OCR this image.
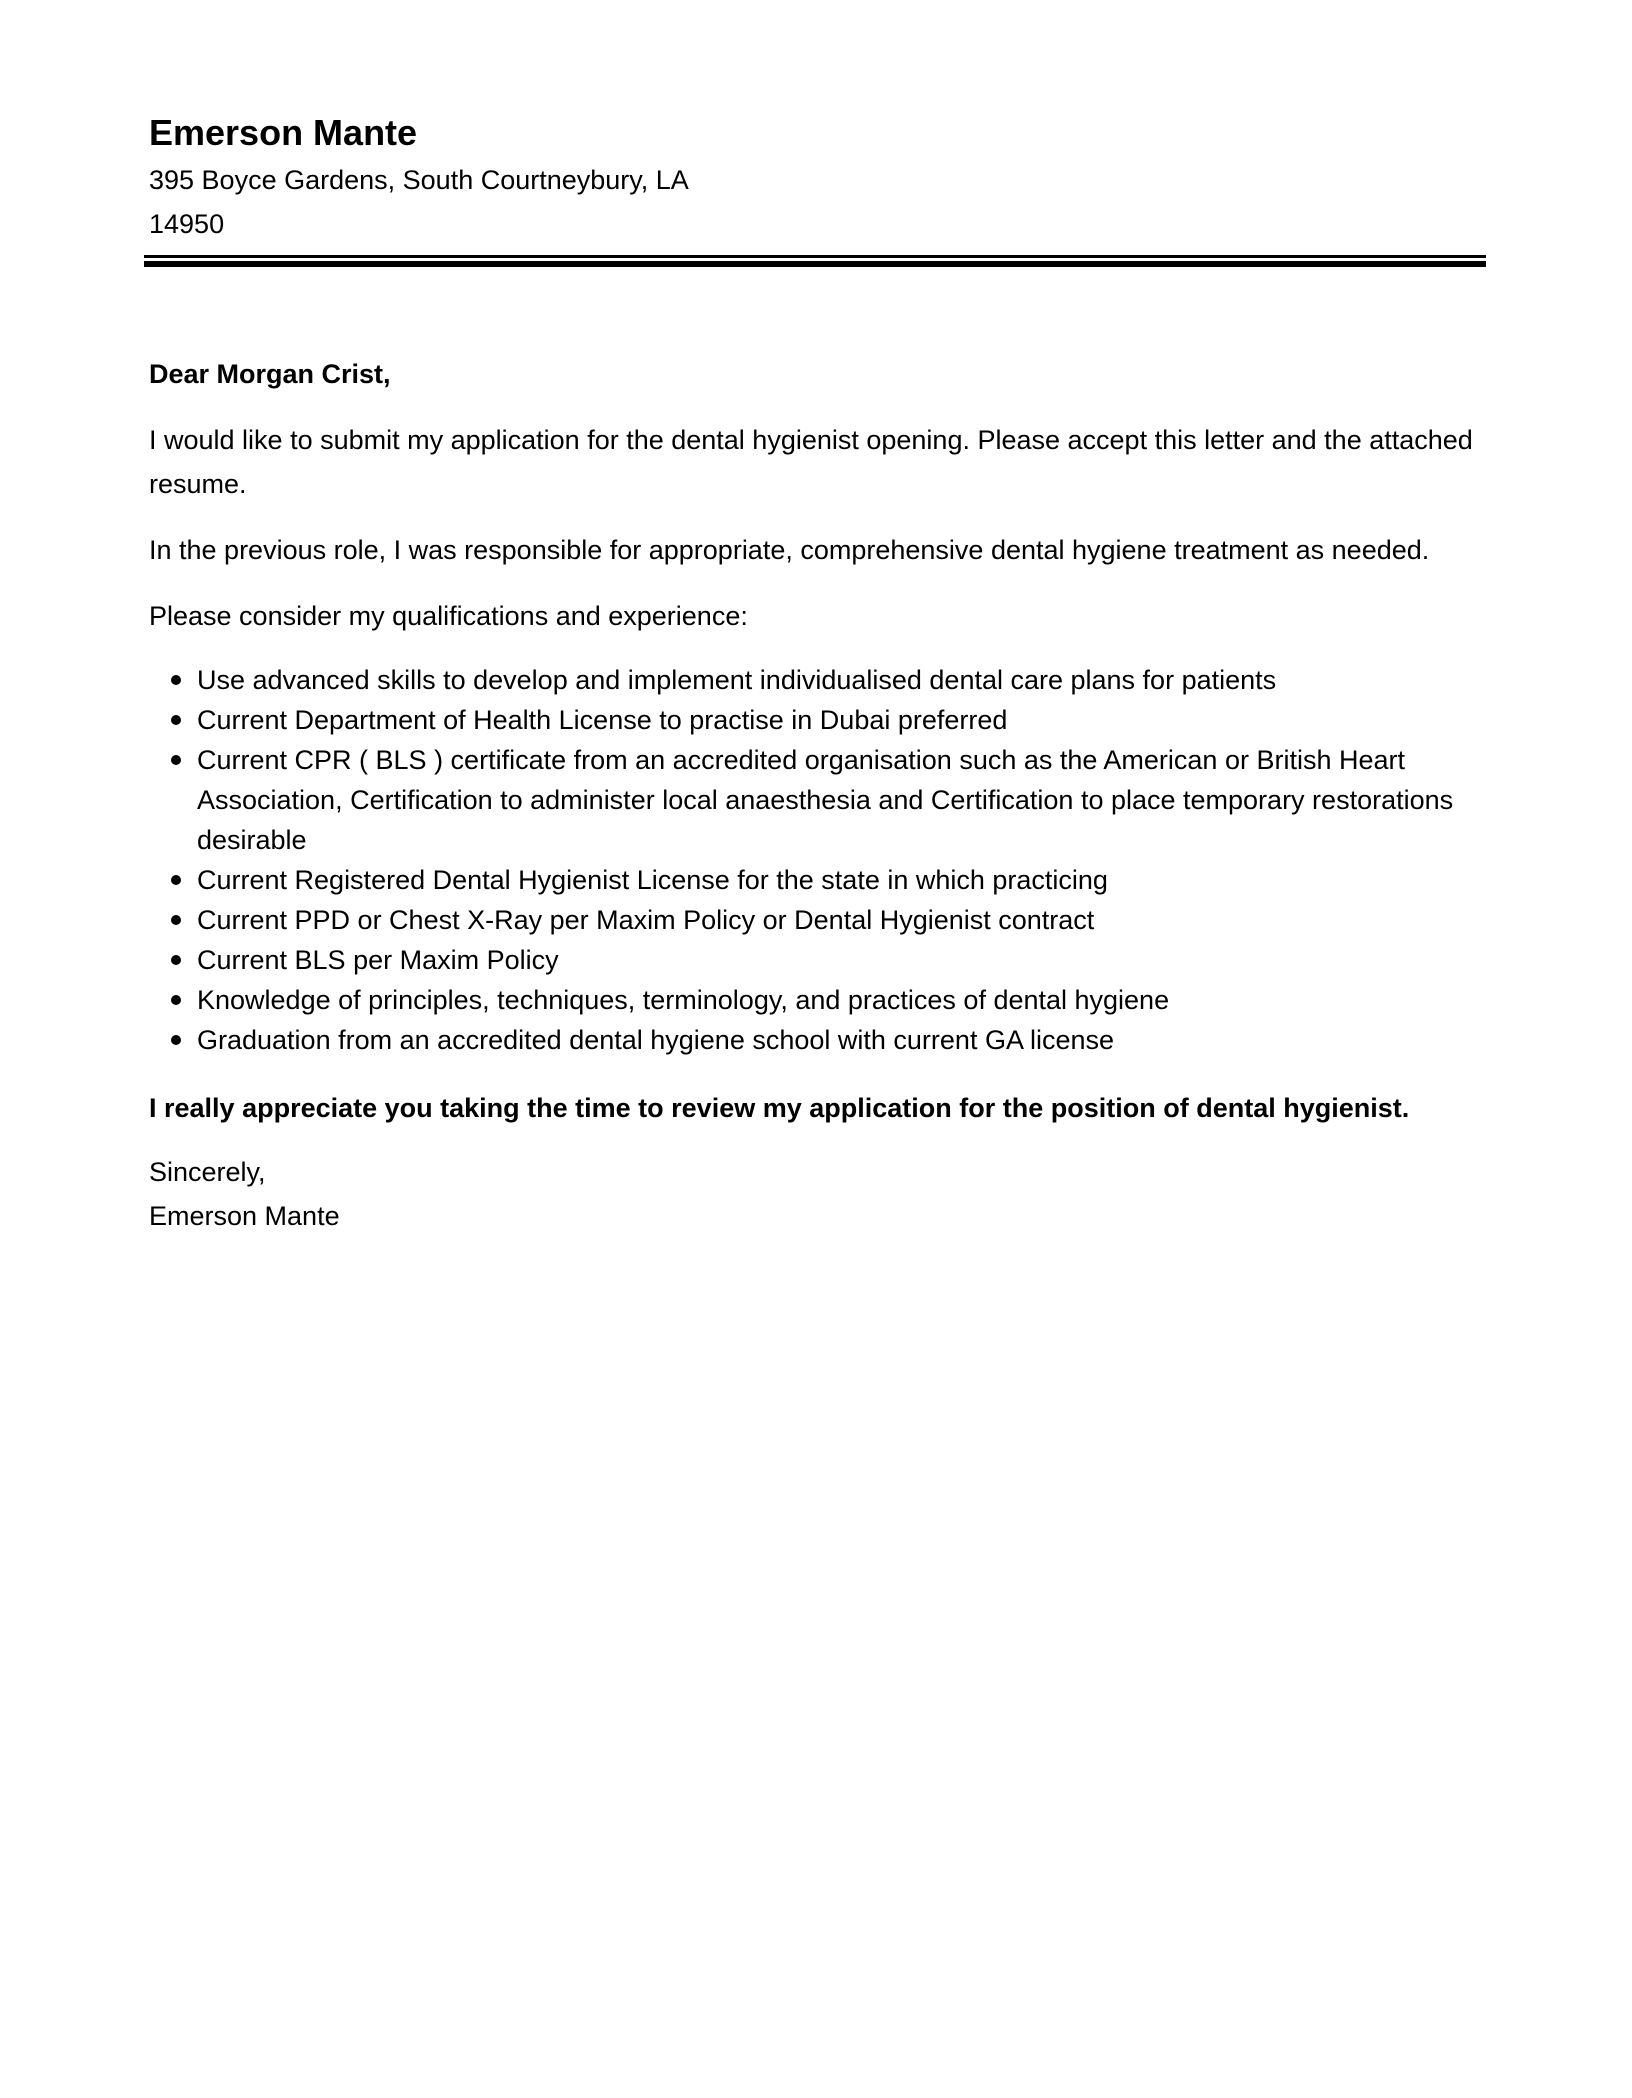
Emerson Mante

395 Boyce Gardens, South Courtneybury, LA

14950

Dear Morgan Crist,

I would like to submit my application for the dental hygienist opening. Please accept this letter and the attached resume.

In the previous role, I was responsible for appropriate, comprehensive dental hygiene treatment as needed.

Please consider my qualifications and experience:

Use advanced skills to develop and implement individualised dental care plans for patients
Current Department of Health License to practise in Dubai preferred
Current CPR ( BLS ) certificate from an accredited organisation such as the American or British Heart Association, Certification to administer local anaesthesia and Certification to place temporary restorations desirable
Current Registered Dental Hygienist License for the state in which practicing
Current PPD or Chest X-Ray per Maxim Policy or Dental Hygienist contract
Current BLS per Maxim Policy
Knowledge of principles, techniques, terminology, and practices of dental hygiene
Graduation from an accredited dental hygiene school with current GA license

I really appreciate you taking the time to review my application for the position of dental hygienist.

Sincerely,

Emerson Mante
